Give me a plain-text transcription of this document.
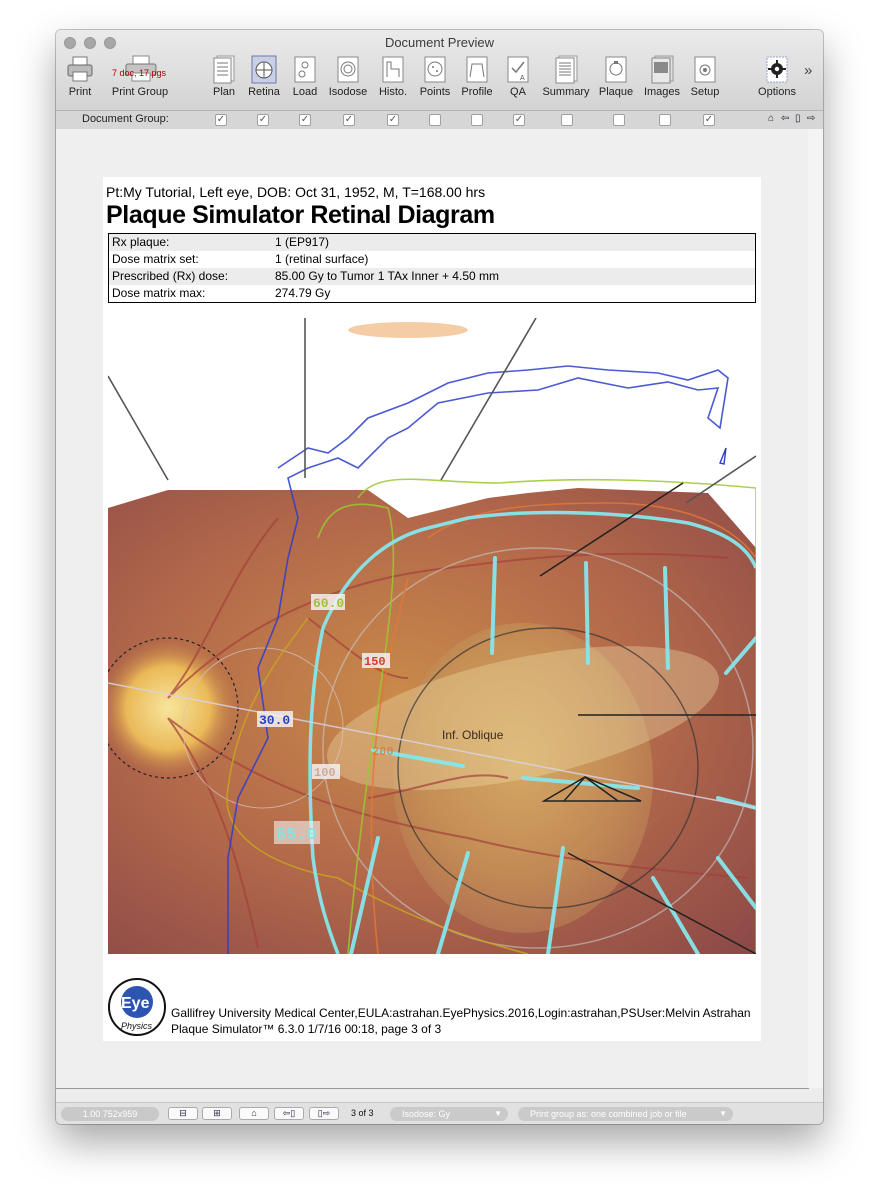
Document Preview
Print
7 doc, 17 pgs
Print Group	Plan	Retina	Load	Isodose	Histo.	Points	Profile
A
QA	Summary Plaque Images Setup	Options
»
Document Group:	✓	✓	✓	✓	✓	✓	✓	⌂ ⇦ ▯ ⇨
Pt:My Tutorial, Left eye, DOB: Oct 31, 1952, M, T=168.00 hrs
Plaque Simulator Retinal Diagram
Rx plaque:	1 (EP917)
Dose matrix set:	1 (retinal surface)
Prescribed (Rx) dose:	85.00 Gy to Tumor 1 TAx Inner + 4.50 mm
Dose matrix max:	274.79 Gy
60.0
150
30.0
200
100
85.0
Inf. Oblique
Eye
Physics
Gallifrey University Medical Center,EULA:astrahan.EyePhysics.2016,Login:astrahan,PSUser:Melvin Astrahan
Plaque Simulator™ 6.3.0 1/7/16 00:18, page 3 of 3
1.00 752x959	⊟	⊞	⌂	⇦▯	▯⇨	3 of 3	Isodose: Gy	▼	Print group as: one combined job or file	▼
